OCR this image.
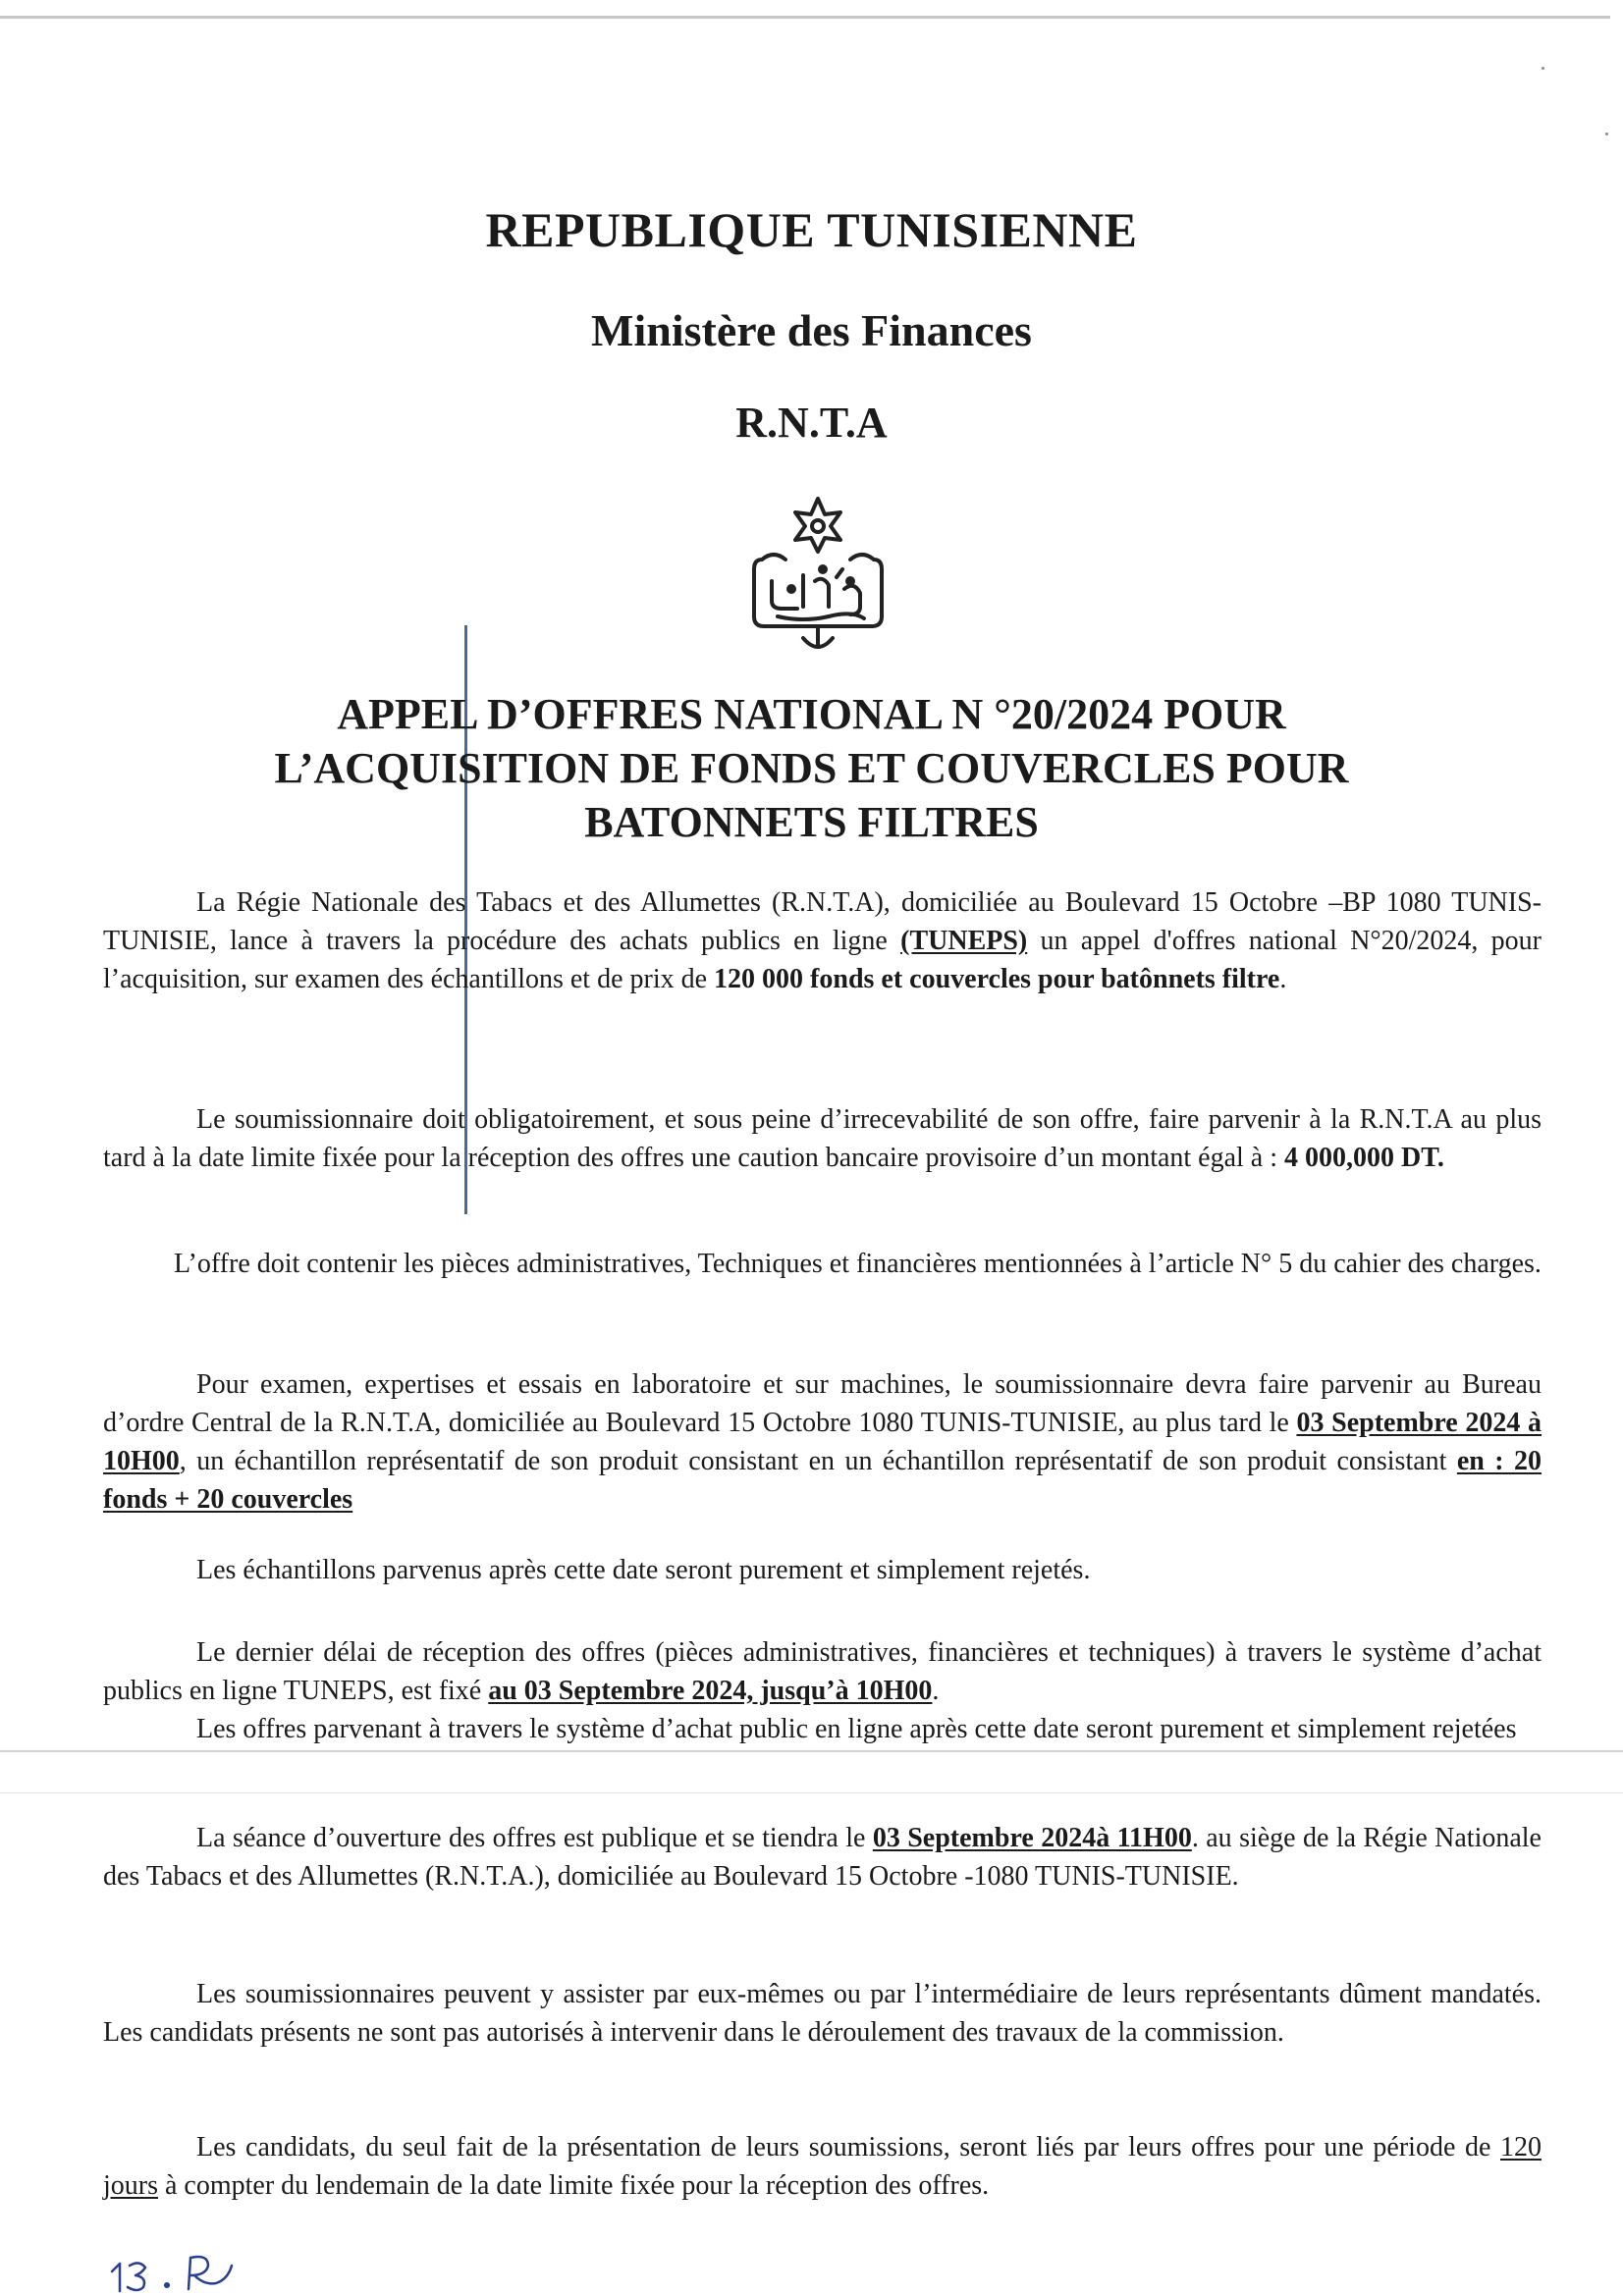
REPUBLIQUE TUNISIENNE
Ministère des Finances
R.N.T.A
APPEL D’OFFRES NATIONAL N °20/2024 POUR
L’ACQUISITION DE FONDS ET COUVERCLES POUR
BATONNETS FILTRES

La Régie Nationale des Tabacs et des Allumettes (R.N.T.A), domiciliée au Boulevard 15 Octobre –BP 1080 TUNIS-TUNISIE, lance à travers la procédure des achats publics en ligne (TUNEPS) un appel d'offres national N°20/2024, pour l’acquisition, sur examen des échantillons et de prix de 120 000 fonds et couvercles pour batônnets filtre.

Le soumissionnaire doit obligatoirement, et sous peine d’irrecevabilité de son offre, faire parvenir à la R.N.T.A au plus tard à la date limite fixée pour la réception des offres une caution bancaire provisoire d’un montant égal à : 4 000,000 DT.

L’offre doit contenir les pièces administratives, Techniques et financières mentionnées à l’article N° 5 du cahier des charges.

Pour examen, expertises et essais en laboratoire et sur machines, le soumissionnaire devra faire parvenir au Bureau d’ordre Central de la R.N.T.A, domiciliée au Boulevard 15 Octobre 1080 TUNIS-TUNISIE, au plus tard le 03 Septembre 2024 à 10H00, un échantillon représentatif de son produit consistant en un échantillon représentatif de son produit consistant en : 20 fonds + 20 couvercles

Les échantillons parvenus après cette date seront purement et simplement rejetés.

Le dernier délai de réception des offres (pièces administratives, financières et techniques) à travers le système d’achat publics en ligne TUNEPS, est fixé au 03 Septembre 2024, jusqu’à 10H00.

Les offres parvenant à travers le système d’achat public en ligne après cette date seront purement et simplement rejetées

La séance d’ouverture des offres est publique et se tiendra le 03 Septembre 2024à 11H00. au siège de la Régie Nationale des Tabacs et des Allumettes (R.N.T.A.), domiciliée au Boulevard 15 Octobre -1080 TUNIS-TUNISIE.

Les soumissionnaires peuvent y assister par eux-mêmes ou par l’intermédiaire de leurs représentants dûment mandatés. Les candidats présents ne sont pas autorisés à intervenir dans le déroulement des travaux de la commission.

Les candidats, du seul fait de la présentation de leurs soumissions, seront liés par leurs offres pour une période de 120 jours à compter du lendemain de la date limite fixée pour la réception des offres.
